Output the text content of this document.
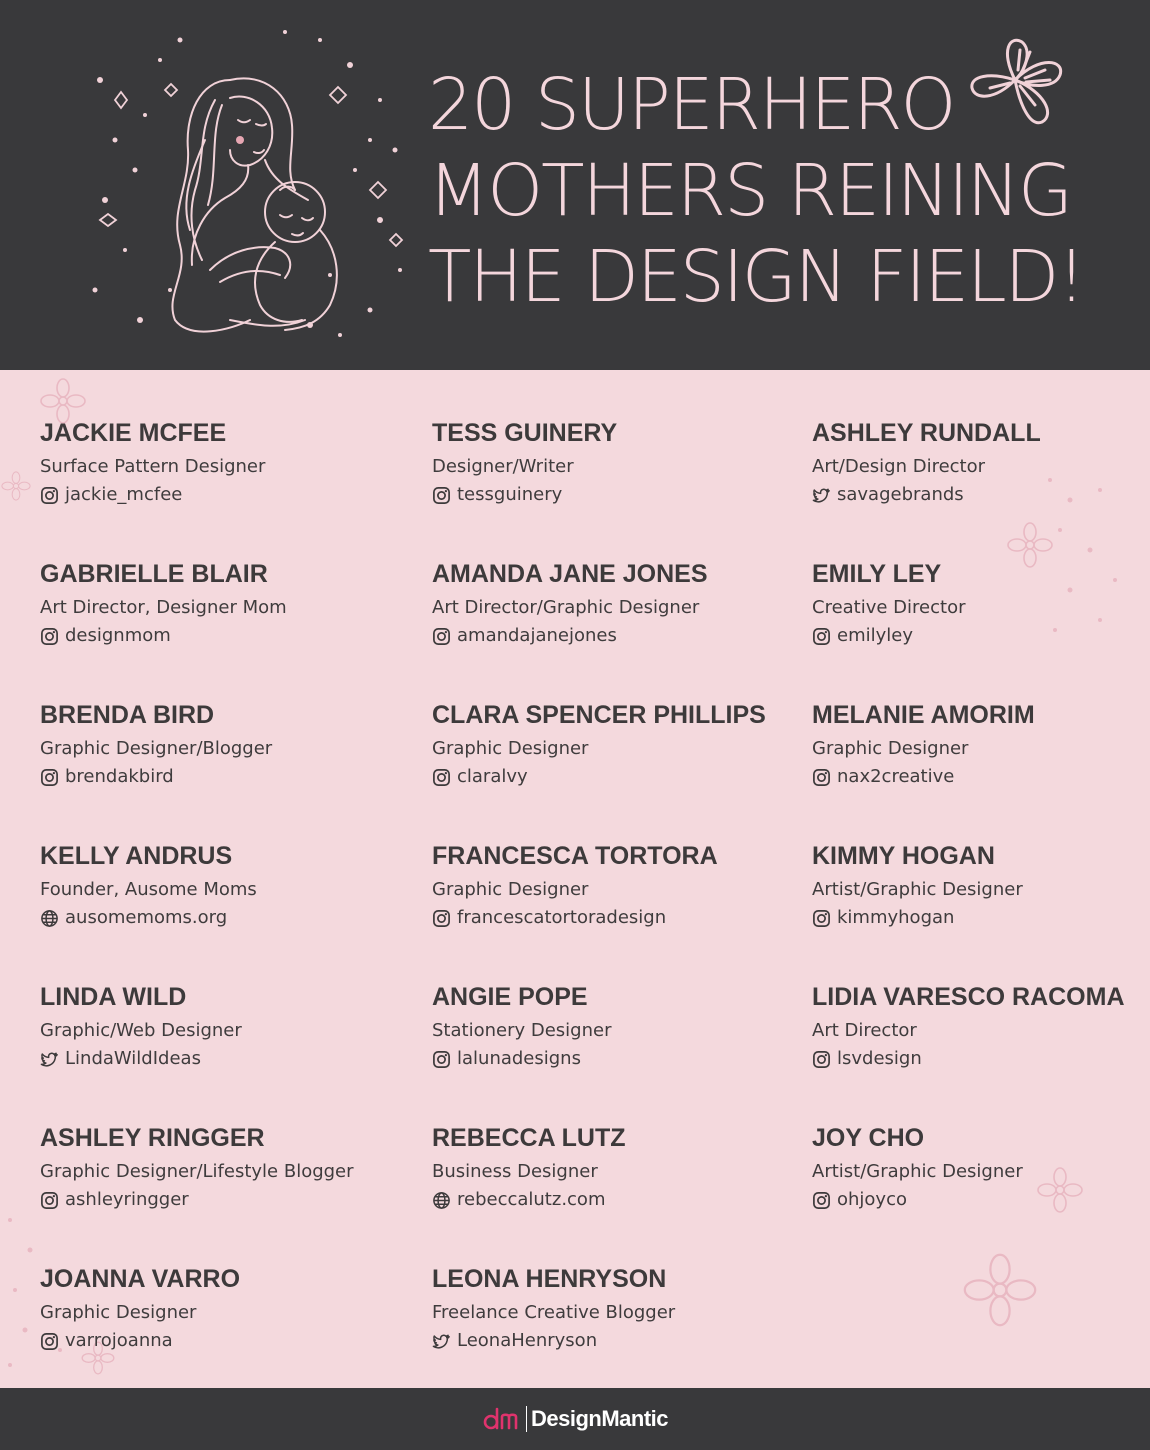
20 SUPERHERO
MOTHERS REINING
THE DESIGN FIELD!
JACKIE MCFEE
Surface Pattern Designer
jackie_mcfee
GABRIELLE BLAIR
Art Director, Designer Mom
designmom
BRENDA BIRD
Graphic Designer/Blogger
brendakbird
KELLY ANDRUS
Founder, Ausome Moms
ausomemoms.org
LINDA WILD
Graphic/Web Designer
LindaWildIdeas
ASHLEY RINGGER
Graphic Designer/Lifestyle Blogger
ashleyringger
JOANNA VARRO
Graphic Designer
varrojoanna
TESS GUINERY
Designer/Writer
tessguinery
AMANDA JANE JONES
Art Director/Graphic Designer
amandajanejones
CLARA SPENCER PHILLIPS
Graphic Designer
claralvy
FRANCESCA TORTORA
Graphic Designer
francescatortoradesign
ANGIE POPE
Stationery Designer
lalunadesigns
REBECCA LUTZ
Business Designer
rebeccalutz.com
LEONA HENRYSON
Freelance Creative Blogger
LeonaHenryson
ASHLEY RUNDALL
Art/Design Director
savagebrands
EMILY LEY
Creative Director
emilyley
MELANIE AMORIM
Graphic Designer
nax2creative
KIMMY HOGAN
Artist/Graphic Designer
kimmyhogan
LIDIA VARESCO RACOMA
Art Director
lsvdesign
JOY CHO
Artist/Graphic Designer
ohjoyco
DesignMantic
